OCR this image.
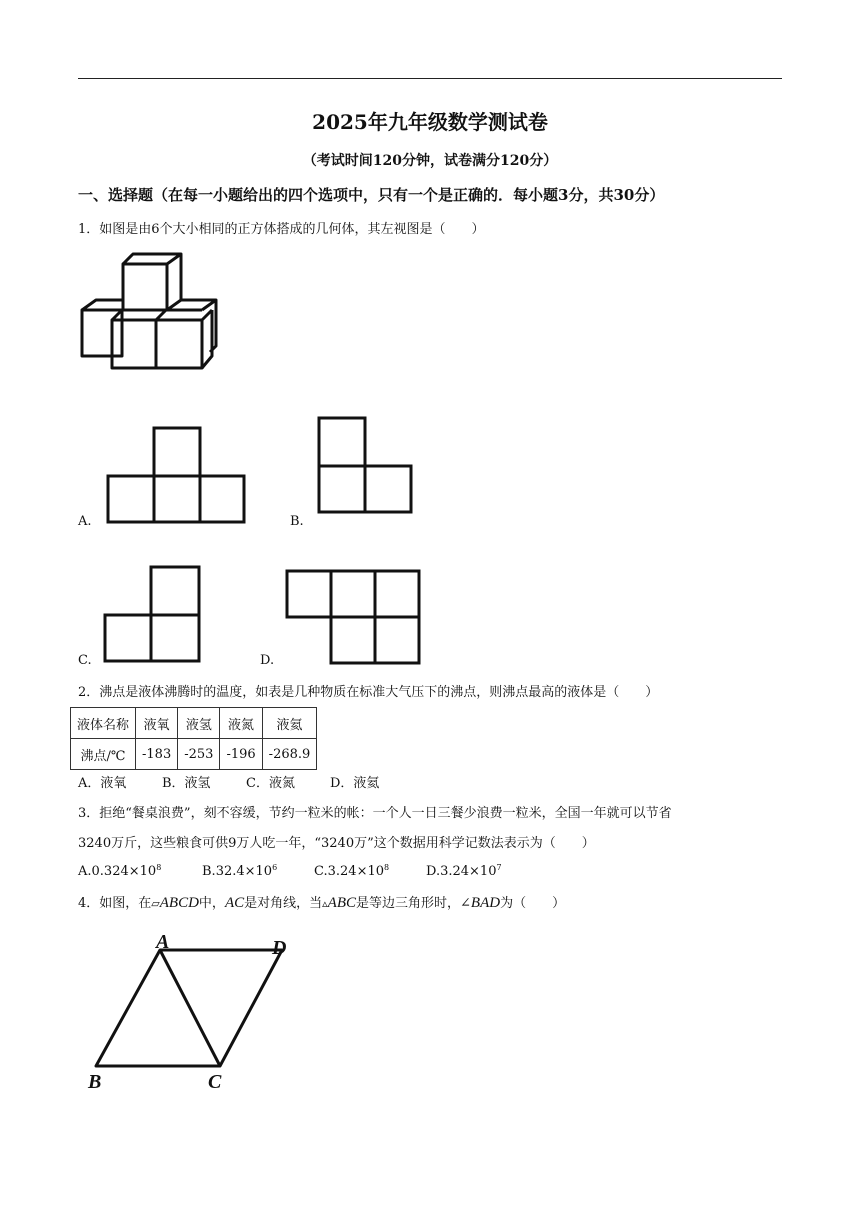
2025年九年级数学测试卷
（考试时间120分钟，试卷满分120分）
一、选择题（在每一小题给出的四个选项中，只有一个是正确的．每小题3分，共30分）
1．如图是由6个大小相同的正方体搭成的几何体，其左视图是（　　）
A.	B.
C.	D.
2．沸点是液体沸腾时的温度，如表是几种物质在标准大气压下的沸点，则沸点最高的液体是（　　）
液体名称	液氧	液氢	液氮	液氦
沸点/℃	-183	-253	-196	-268.9
A．液氧	B．液氢	C．液氮	D．液氦
3．拒绝“餐桌浪费”，刻不容缓，节约一粒米的帐：一个人一日三餐少浪费一粒米，全国一年就可以节省
3240万斤，这些粮食可供9万人吃一年，“3240万”这个数据用科学记数法表示为（　　）
$A.0.324\times 10^8$	$B.32.4\times 10^6$	$C.3.24\times 10^8$	$D.3.24\times 10^7$
4．如图，在▱ABCD中，AC是对角线，当▵ABC是等边三角形时，∠BAD为（　　）
A	D
B	C
